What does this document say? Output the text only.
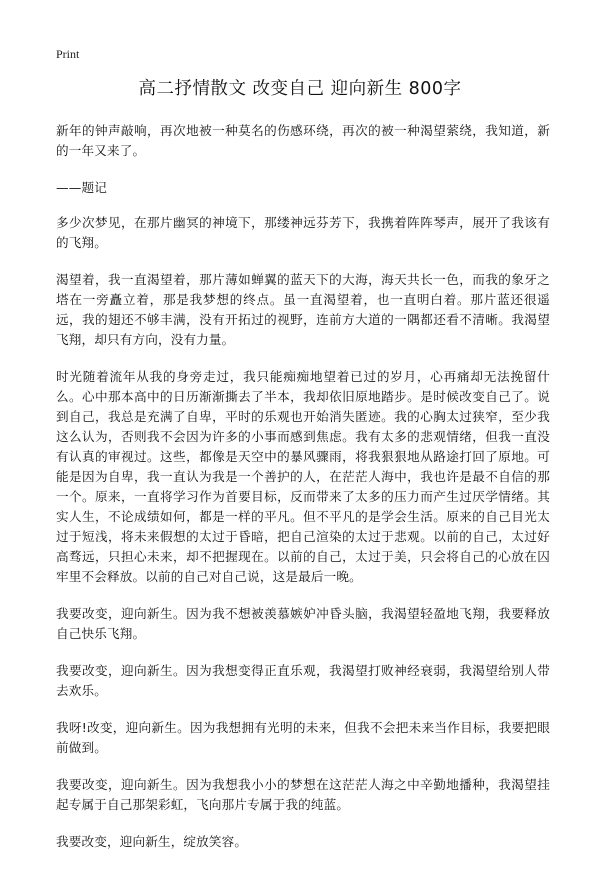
Print
高二抒情散文 改变自己 迎向新生 800字

新年的钟声敲响，再次地被一种莫名的伤感环绕，再次的被一种渴望萦绕，我知道，新的一年又来了。

——题记

多少次梦见，在那片幽冥的神境下，那缕神远芬芳下，我携着阵阵琴声，展开了我该有的飞翔。

渴望着，我一直渴望着，那片薄如蝉翼的蓝天下的大海，海天共长一色，而我的象牙之塔在一旁矗立着，那是我梦想的终点。虽一直渴望着，也一直明白着。那片蓝还很遥远，我的翅还不够丰满，没有开拓过的视野，连前方大道的一隅都还看不清晰。我渴望飞翔，却只有方向，没有力量。

时光随着流年从我的身旁走过，我只能痴痴地望着已过的岁月，心再痛却无法挽留什么。心中那本高中的日历渐渐撕去了半本，我却依旧原地踏步。是时候改变自己了。说到自己，我总是充满了自卑，平时的乐观也开始消失匿迹。我的心胸太过狭窄，至少我这么认为，否则我不会因为许多的小事而感到焦虑。我有太多的悲观情绪，但我一直没有认真的审视过。这些，都像是天空中的暴风骤雨，将我狠狠地从路途打回了原地。可能是因为自卑，我一直认为我是一个善护的人，在茫茫人海中，我也许是最不自信的那一个。原来，一直将学习作为首要目标，反而带来了太多的压力而产生过厌学情绪。其实人生，不论成绩如何，都是一样的平凡。但不平凡的是学会生活。原来的自己目光太过于短浅，将未来假想的太过于昏暗，把自己渲染的太过于悲观。以前的自己，太过好高骛远，只担心未来，却不把握现在。以前的自己，太过于美，只会将自己的心放在囚牢里不会释放。以前的自己对自己说，这是最后一晚。

我要改变，迎向新生。因为我不想被羡慕嫉妒冲昏头脑，我渴望轻盈地飞翔，我要释放自己快乐飞翔。

我要改变，迎向新生。因为我想变得正直乐观，我渴望打败神经衰弱，我渴望给别人带去欢乐。

我呀!改变，迎向新生。因为我想拥有光明的未来，但我不会把未来当作目标，我要把眼前做到。

我要改变，迎向新生。因为我想我小小的梦想在这茫茫人海之中辛勤地播种，我渴望挂起专属于自己那架彩虹，飞向那片专属于我的纯蓝。

我要改变，迎向新生，绽放笑容。
